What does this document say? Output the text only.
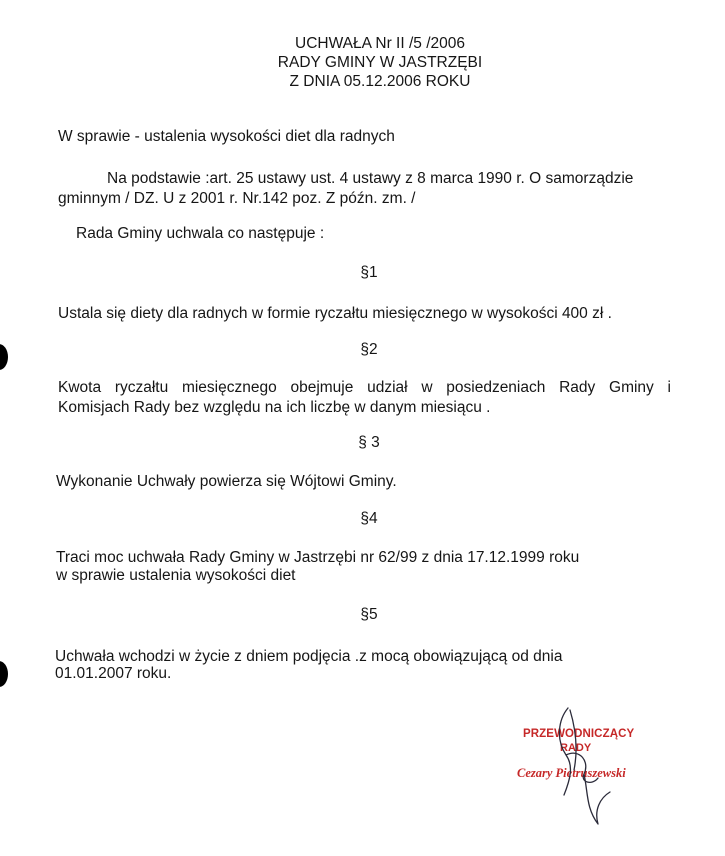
UCHWAŁA Nr II /5 /2006
RADY GMINY W JASTRZĘBI
Z DNIA 05.12.2006 ROKU
W sprawie - ustalenia wysokości diet dla radnych
Na podstawie :art. 25 ustawy ust. 4 ustawy z 8 marca 1990 r. O samorządzie
gminnym / DZ. U z 2001 r. Nr.142 poz. Z późn. zm. /
Rada Gminy uchwala co następuje :
§1
Ustala się diety dla radnych w formie ryczałtu miesięcznego w wysokości 400 zł .
§2
Kwota ryczałtu miesięcznego obejmuje udział w posiedzeniach Rady Gminy i
Komisjach Rady bez względu na ich liczbę w danym miesiącu .
§ 3
Wykonanie Uchwały powierza się Wójtowi Gminy.
§4
Traci moc uchwała Rady Gminy w Jastrzębi nr 62/99 z dnia 17.12.1999 roku
w sprawie ustalenia wysokości diet
§5
Uchwała wchodzi w życie z dniem podjęcia .z mocą obowiązującą od dnia
01.01.2007 roku.
PRZEWODNICZĄCY
RADY
Cezary Pietruszewski
